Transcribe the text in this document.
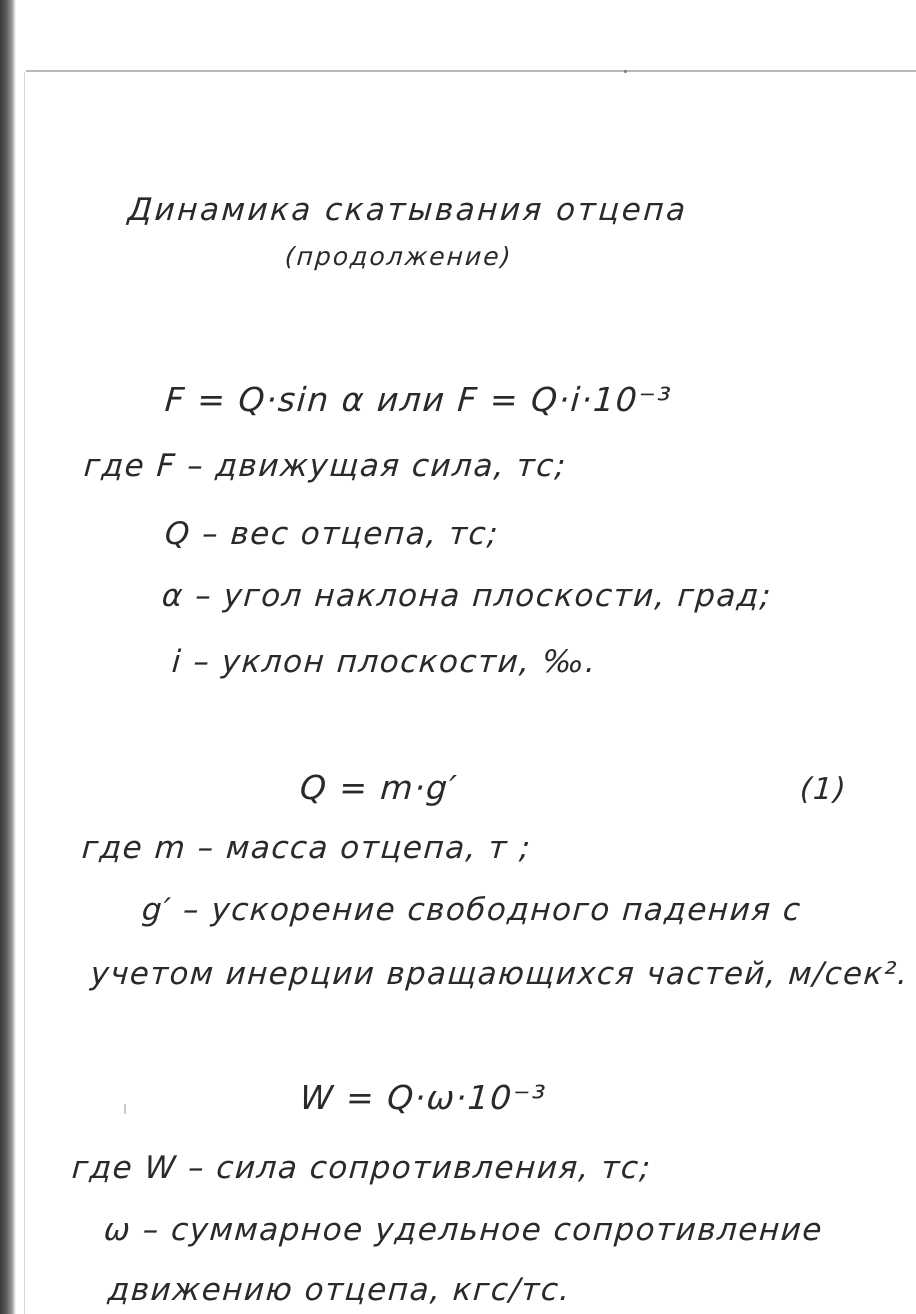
Динамика скатывания отцепа
(продолжение)
F = Q·sin α или F = Q·i·10⁻³
где F – движущая сила, тс;
Q – вес отцепа, тс;
α – угол наклона плоскости, град;
i – уклон плоскости, ‰.
Q = m·g′	(1)
где m – масса отцепа, т ;
g′ – ускорение свободного падения с
учетом инерции вращающихся частей, м/сек².
W = Q·ω·10⁻³
где W – сила сопротивления, тс;
ω – суммарное удельное сопротивление
движению отцепа, кгс/тс.
